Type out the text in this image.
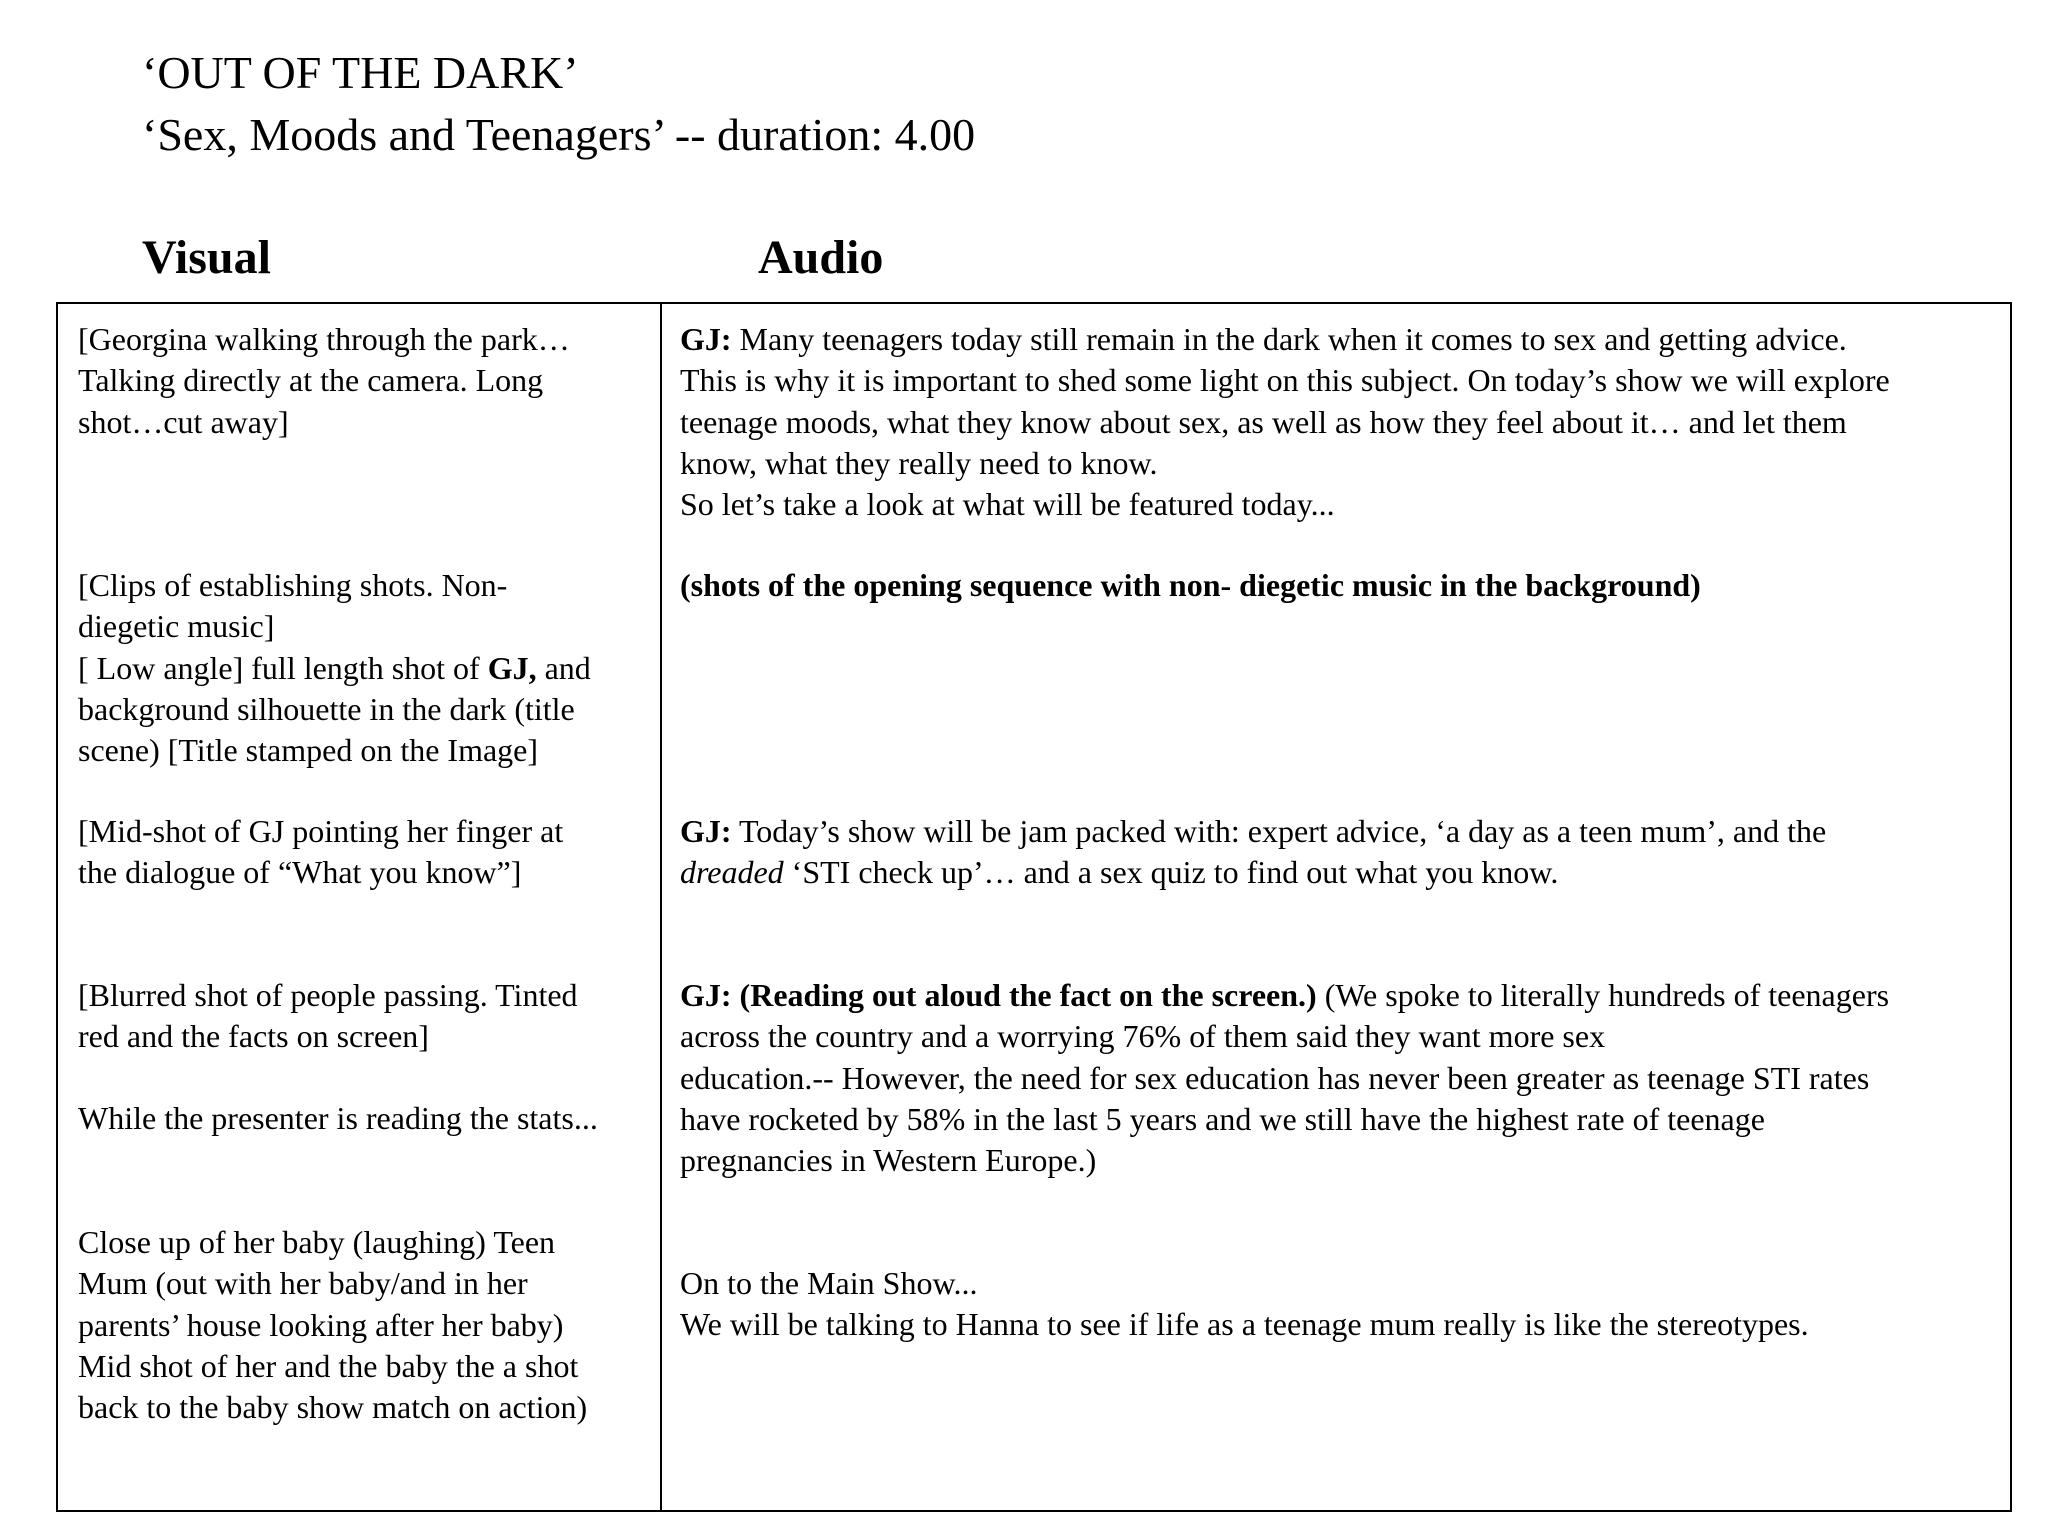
‘OUT OF THE DARK’
‘Sex, Moods and Teenagers’ -- duration: 4.00
Visual	Audio
[Georgina walking through the park…
Talking directly at the camera. Long
shot…cut away]
[Clips of establishing shots. Non-
diegetic music]
[ Low angle] full length shot of GJ, and
background silhouette in the dark (title
scene) [Title stamped on the Image]
[Mid-shot of GJ pointing her finger at
the dialogue of “What you know”]
[Blurred shot of people passing. Tinted
red and the facts on screen]
While the presenter is reading the stats...
Close up of her baby (laughing) Teen
Mum (out with her baby/and in her
parents’ house looking after her baby)
Mid shot of her and the baby the a shot
back to the baby show match on action)
GJ: Many teenagers today still remain in the dark when it comes to sex and getting advice.
This is why it is important to shed some light on this subject. On today’s show we will explore
teenage moods, what they know about sex, as well as how they feel about it… and let them
know, what they really need to know.
So let’s take a look at what will be featured today...
(shots of the opening sequence with non- diegetic music in the background)
GJ: Today’s show will be jam packed with: expert advice, ‘a day as a teen mum’, and the
dreaded ‘STI check up’… and a sex quiz to find out what you know.
GJ: (Reading out aloud the fact on the screen.) (We spoke to literally hundreds of teenagers
across the country and a worrying 76% of them said they want more sex
education.-- However, the need for sex education has never been greater as teenage STI rates
have rocketed by 58% in the last 5 years and we still have the highest rate of teenage
pregnancies in Western Europe.)
On to the Main Show...
We will be talking to Hanna to see if life as a teenage mum really is like the stereotypes.
